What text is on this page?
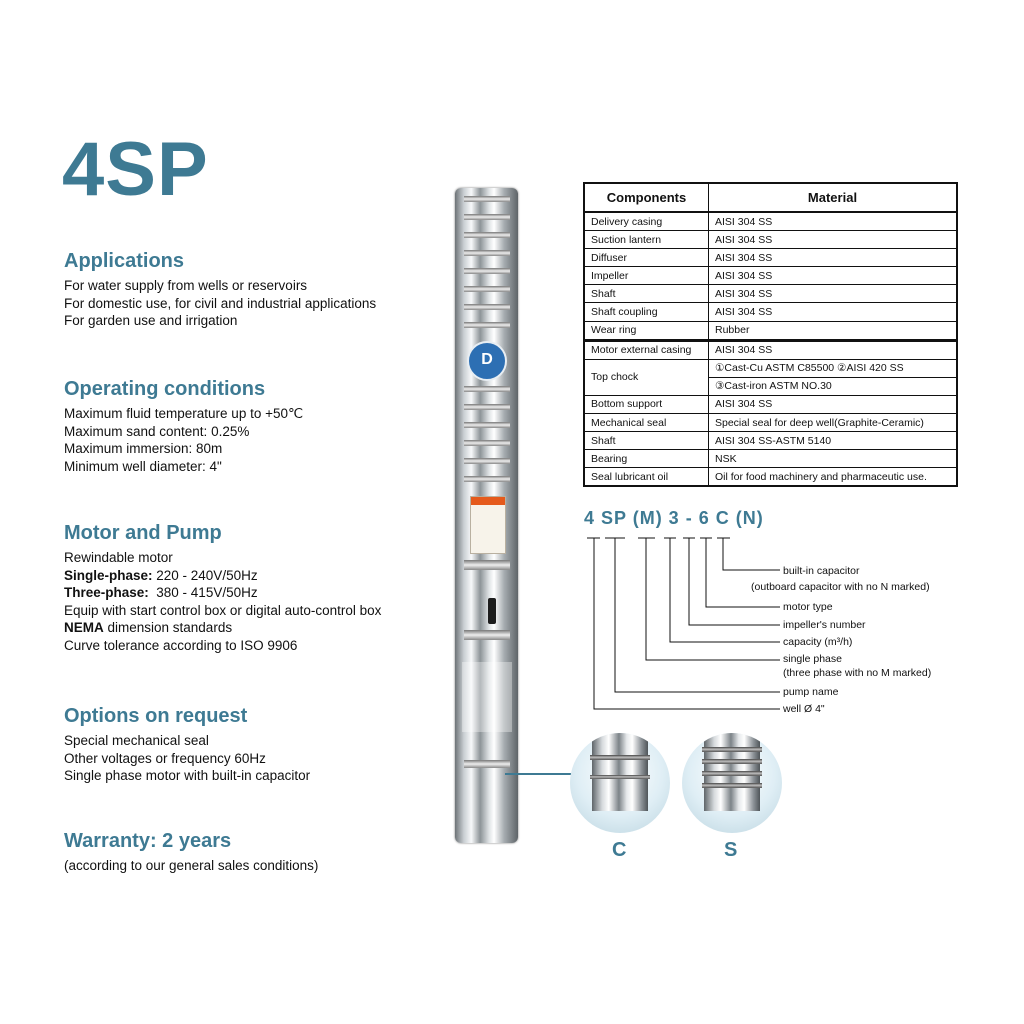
4SP
Applications

For water supply from wells or reservoirs

For domestic use, for civil and industrial applications

For garden use and irrigation

Operating conditions

Maximum fluid temperature up to +50℃

Maximum sand content: 0.25%

Maximum immersion: 80m

Minimum well diameter: 4"

Motor and Pump

Rewindable motor

Single-phase: 220 - 240V/50Hz

Three-phase:  380 - 415V/50Hz

Equip with start control box or digital auto-control box

NEMA dimension standards

Curve tolerance according to ISO 9906

Options on request

Special mechanical seal

Other voltages or frequency 60Hz

Single phase motor with built-in capacitor

Warranty: 2 years

(according to our general sales conditions)

D
C	S
Components	Material
Delivery casing	AISI 304 SS
Suction lantern	AISI 304 SS
Diffuser	AISI 304 SS
Impeller	AISI 304 SS
Shaft	AISI 304 SS
Shaft coupling	AISI 304 SS
Wear ring	Rubber
Motor external casing	AISI 304 SS
Top chock	①Cast-Cu ASTM C85500 ②AISI 420 SS
	③Cast-iron ASTM NO.30
Bottom support	AISI 304 SS
Mechanical seal	Special seal for deep well(Graphite-Ceramic)
Shaft	AISI 304 SS-ASTM 5140
Bearing	NSK
Seal lubricant oil	Oil for food machinery and pharmaceutic use.
4 SP (M) 3 - 6 C (N)
built-in capacitor
(outboard capacitor with no N marked)
motor type
impeller's number
capacity (m³/h)
single phase
(three phase with no M marked)
pump name
well Ø 4"
